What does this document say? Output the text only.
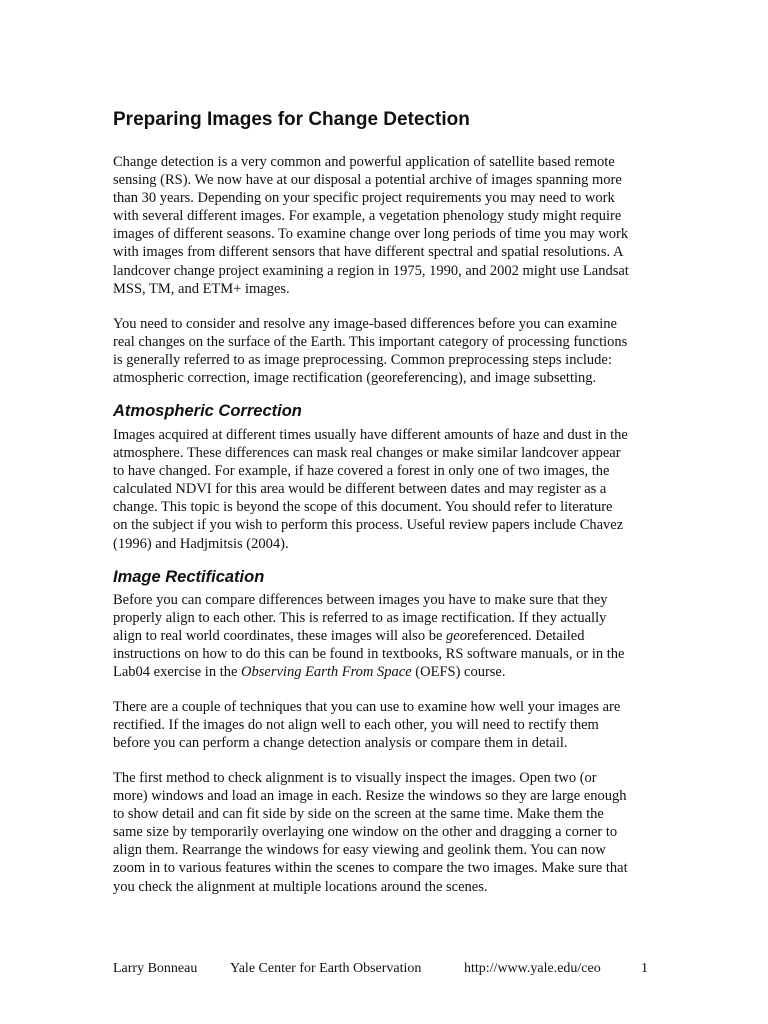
Preparing Images for Change Detection

Change detection is a very common and powerful application of satellite based remote
sensing (RS). We now have at our disposal a potential archive of images spanning more
than 30 years. Depending on your specific project requirements you may need to work
with several different images. For example, a vegetation phenology study might require
images of different seasons. To examine change over long periods of time you may work
with images from different sensors that have different spectral and spatial resolutions. A
landcover change project examining a region in 1975, 1990, and 2002 might use Landsat
MSS, TM, and ETM+ images.

You need to consider and resolve any image-based differences before you can examine
real changes on the surface of the Earth. This important category of processing functions
is generally referred to as image preprocessing. Common preprocessing steps include:
atmospheric correction, image rectification (georeferencing), and image subsetting.

Atmospheric Correction

Images acquired at different times usually have different amounts of haze and dust in the
atmosphere. These differences can mask real changes or make similar landcover appear
to have changed. For example, if haze covered a forest in only one of two images, the
calculated NDVI for this area would be different between dates and may register as a
change. This topic is beyond the scope of this document. You should refer to literature
on the subject if you wish to perform this process. Useful review papers include Chavez
(1996) and Hadjmitsis (2004).

Image Rectification

Before you can compare differences between images you have to make sure that they
properly align to each other. This is referred to as image rectification. If they actually
align to real world coordinates, these images will also be georeferenced. Detailed
instructions on how to do this can be found in textbooks, RS software manuals, or in the
Lab04 exercise in the Observing Earth From Space (OEFS) course.

There are a couple of techniques that you can use to examine how well your images are
rectified. If the images do not align well to each other, you will need to rectify them
before you can perform a change detection analysis or compare them in detail.

The first method to check alignment is to visually inspect the images. Open two (or
more) windows and load an image in each. Resize the windows so they are large enough
to show detail and can fit side by side on the screen at the same time. Make them the
same size by temporarily overlaying one window on the other and dragging a corner to
align them. Rearrange the windows for easy viewing and geolink them. You can now
zoom in to various features within the scenes to compare the two images. Make sure that
you check the alignment at multiple locations around the scenes.

Larry Bonneau Yale Center for Earth Observation	http://www.yale.edu/ceo	1
